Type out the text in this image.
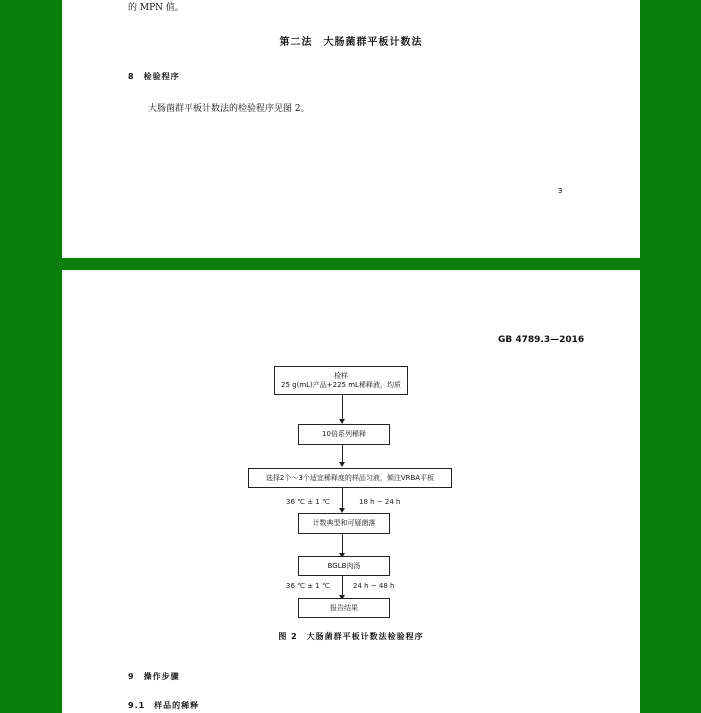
的 MPN 值。
第二法　大肠菌群平板计数法
8　检验程序
大肠菌群平板计数法的检验程序见图 2。
3
GB 4789.3—2016
检样
25 g(mL)产品+225 mL稀释液，均质
10倍系列稀释
选择2个～3个适宜稀释度的样品匀液，倾注VRBA平板
36 ℃ ± 1 ℃	18 h ~ 24 h
计数典型和可疑菌落
BGLB肉汤
36 ℃ ± 1 ℃	24 h ~ 48 h
报告结果
图 2　大肠菌群平板计数法检验程序
9　操作步骤
9.1　样品的稀释
